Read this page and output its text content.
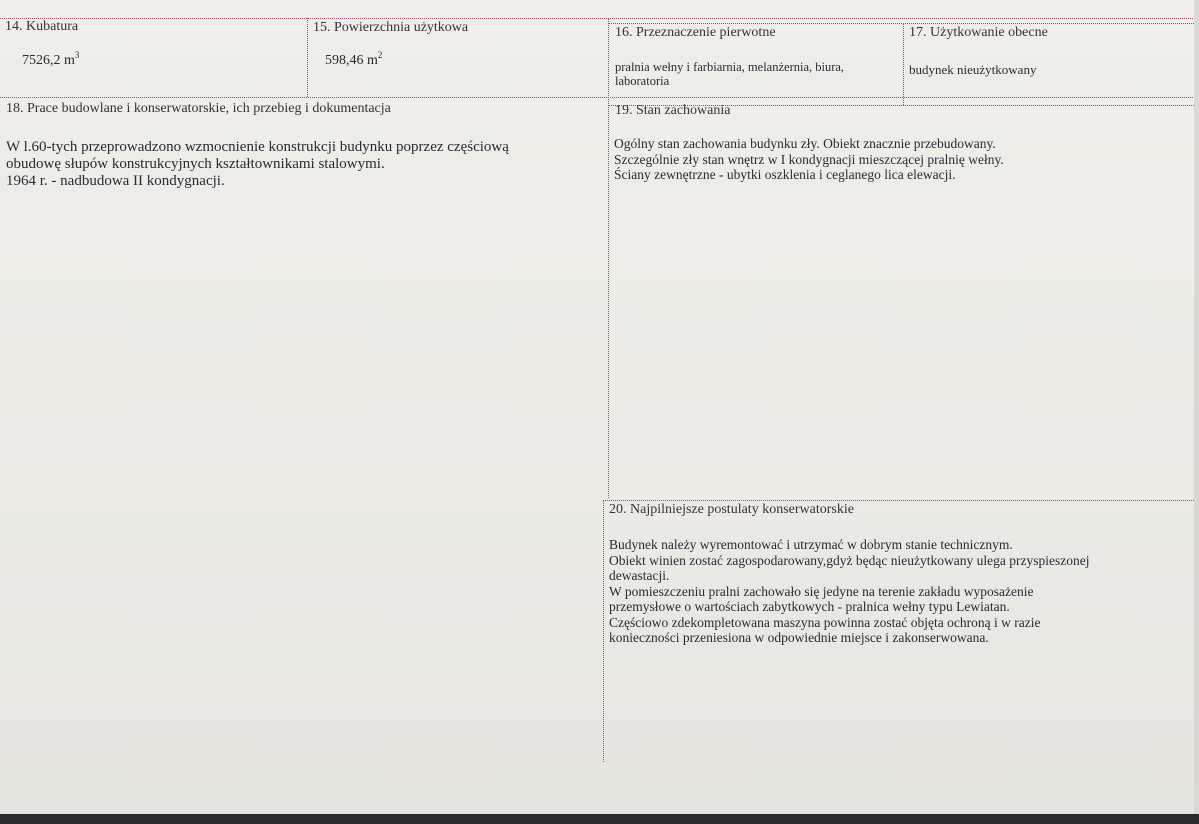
14. Kubatura
7526,2 $m^3$
15. Powierzchnia użytkowa
598,46 $m^2$
16. Przeznaczenie pierwotne
pralnia wełny i farbiarnia, melanżernia, biura,
laboratoria
17. Użytkowanie obecne
budynek nieużytkowany
18. Prace budowlane i konserwatorskie, ich przebieg i dokumentacja
W l.60-tych przeprowadzono wzmocnienie konstrukcji budynku poprzez częściową
obudowę słupów konstrukcyjnych kształtownikami stalowymi.
1964 r. - nadbudowa II kondygnacji.
19. Stan zachowania
Ogólny stan zachowania budynku zły. Obiekt znacznie przebudowany.
Szczególnie zły stan wnętrz w I kondygnacji mieszczącej pralnię wełny.
Ściany zewnętrzne - ubytki oszklenia i ceglanego lica elewacji.
20. Najpilniejsze postulaty konserwatorskie
Budynek należy wyremontować i utrzymać w dobrym stanie technicznym.
Obiekt winien zostać zagospodarowany,gdyż będąc nieużytkowany ulega przyspieszonej
dewastacji.
W pomieszczeniu pralni zachowało się jedyne na terenie zakładu wyposażenie
przemysłowe o wartościach zabytkowych - pralnica wełny typu Lewiatan.
Częściowo zdekompletowana maszyna powinna zostać objęta ochroną i w razie
konieczności przeniesiona w odpowiednie miejsce i zakonserwowana.
